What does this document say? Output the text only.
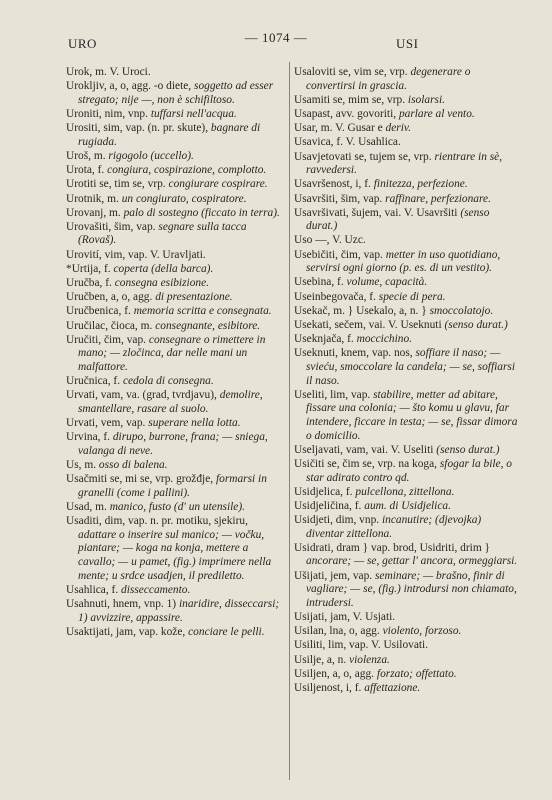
URO	— 1074 —	USI
Urok, m. V. Uroci.
Urokljiv, a, o, agg. -o diete, soggetto ad esser stregato; nije —, non è schifiltoso.
Uroniti, nim, vnp. tuffarsi nell'acqua.
Urositi, sim, vap. (n. pr. skute), bagnare di rugiada.
Uroš, m. rigogolo (uccello).
Urota, f. congiura, cospirazione, complotto.
Urotiti se, tim se, vrp. congiurare cospirare.
Urotnik, m. un congiurato, cospiratore.
Urovanj, m. palo di sostegno (ficcato in terra).
Urovašiti, šim, vap. segnare sulla tacca (Rovaš).
Urovití, vim, vap. V. Uravljati.
*Urtija, f. coperta (della barca).
Uručba, f. consegna esibizione.
Uručben, a, o, agg. di presentazione.
Uručbenica, f. memoria scritta e consegnata.
Uručilac, čioca, m. consegnante, esibitore.
Uručiti, čim, vap. consegnare o rimettere in mano; — zločinca, dar nelle mani un malfattore.
Uručnica, f. cedola di consegna.
Urvati, vam, va. (grad, tvrdjavu), demolire, smantellare, rasare al suolo.
Urvati, vem, vap. superare nella lotta.
Urvina, f. dirupo, burrone, frana; — sniega, valanga di neve.
Us, m. osso di balena.
Usačmiti se, mi se, vrp. grožđje, formarsi in granelli (come i pallini).
Usad, m. manico, fusto (d' un utensile).
Usaditi, dim, vap. n. pr. motiku, sjekiru, adattare o inserire sul manico; — vočku, piantare; — koga na konja, mettere a cavallo; — u pamet, (fig.) imprimere nella mente; u srdce usadjen, il prediletto.
Usahlica, f. disseccamento.
Usahnuti, hnem, vnp. 1) inaridire, disseccarsi; 1) avvizzire, appassire.
Usaktijati, jam, vap. kože, conciare le pelli.
Usaloviti se, vim se, vrp. degenerare o convertirsi in grascia.
Usamiti se, mim se, vrp. isolarsi.
Usapast, avv. govoriti, parlare al vento.
Usar, m. V. Gusar e deriv.
Usavica, f. V. Usahlica.
Usavjetovati se, tujem se, vrp. rientrare in sè, ravvedersi.
Usavršenost, i, f. finitezza, perfezione.
Usavršiti, šim, vap. raffinare, perfezionare.
Usavršivati, šujem, vai. V. Usavršiti (senso durat.)
Uso —, V. Uzc.
Usebičiti, čim, vap. metter in uso quotidiano, servirsi ogni giorno (p. es. di un vestito).
Usebina, f. volume, capacità.
Useinbegovača, f. specie di pera.
Usekač, m. } Usekalo, a, n. } smoccolatojo.
Usekati, sečem, vai. V. Useknuti (senso durat.)
Useknjača, f. moccichino.
Useknuti, knem, vap. nos, soffiare il naso; — svieću, smoccolare la candela; — se, soffiarsi il naso.
Useliti, lim, vap. stabilire, metter ad abitare, fissare una colonia; — što komu u glavu, far intendere, ficcare in testa; — se, fissar dimora o domicilio.
Useljavati, vam, vai. V. Useliti (senso durat.)
Usičiti se, čim se, vrp. na koga, sfogar la bile, o star adirato contro qd.
Usidjelica, f. pulcellona, zittellona.
Usidjeličina, f. aum. di Usidjelica.
Usidjeti, dim, vnp. incanutire; (djevojka) diventar zittellona.
Usidrati, dram } vap. brod, Usidriti, drim } ancorare; — se, gettar l' ancora, ormeggiarsi.
Ušijati, jem, vap. seminare; — brašno, finir di vagliare; — se, (fig.) introdursi non chiamato, intrudersi.
Usijati, jam, V. Usjati.
Usilan, lna, o, agg. violento, forzoso.
Usiliti, lim, vap. V. Usilovati.
Usilje, a, n. violenza.
Usiljen, a, o, agg. forzato; offettato.
Usiljenost, i, f. affettazione.
